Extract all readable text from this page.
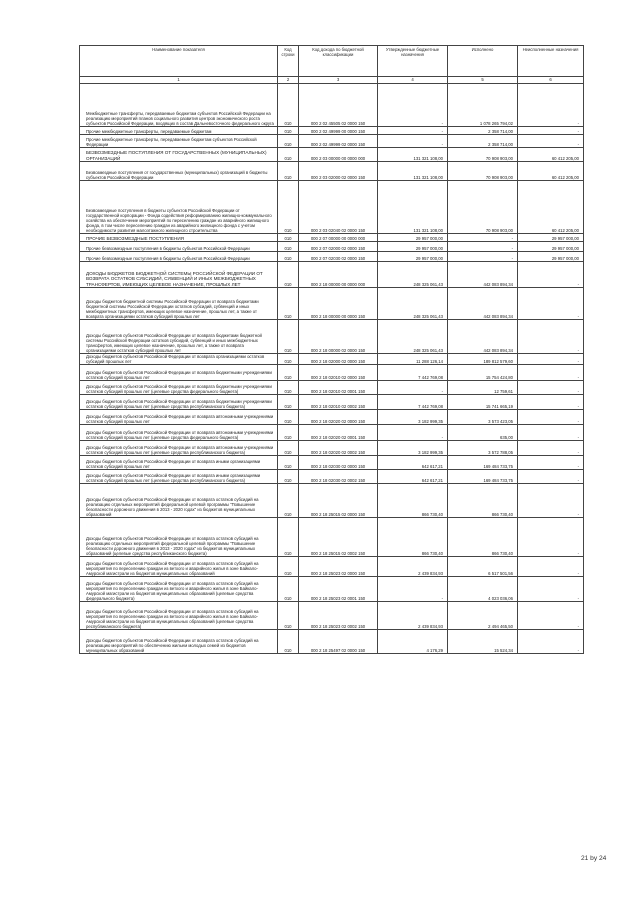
Наименование показателя	Код строки	Код дохода по бюджетной классификации	Утвержденные бюджетные назначения	Исполнено	Неисполненные назначения
1	2	3	4	5	6
Межбюджетные трансферты, передаваемые бюджетам субъектов Российской Федерации на реализацию мероприятий планов социального развития центров экономического роста субъектов Российской Федерации, входящих в состав Дальневосточного федерального округа	010	000 2 02 45505 02 0000 150	-	1 078 265 794,02	-
Прочие межбюджетные трансферты, передаваемые бюджетам	010	000 2 02 49999 00 0000 150	-	2 358 714,00	-
Прочие межбюджетные трансферты, передаваемые бюджетам субъектов Российской Федерации	010	000 2 02 49999 02 0000 150	-	2 358 714,00	-
БЕЗВОЗМЕЗДНЫЕ ПОСТУПЛЕНИЯ ОТ ГОСУДАРСТВЕННЫХ (МУНИЦИПАЛЬНЫХ) ОРГАНИЗАЦИЙ	010	000 2 03 00000 00 0000 000	131 321 108,00	70 908 903,00	60 412 205,00
Безвозмездные поступления от государственных (муниципальных) организаций в бюджеты субъектов Российской Федерации	010	000 2 03 02000 02 0000 150	131 321 108,00	70 908 903,00	60 412 205,00
Безвозмездные поступления в бюджеты субъектов Российской Федерации от государственной корпорации - Фонда содействия реформированию жилищно-коммунального хозяйства на обеспечение мероприятий по переселению граждан из аварийного жилищного фонда, в том числе переселению граждан из аварийного жилищного фонда с учетом необходимости развития малоэтажного жилищного строительства	010	000 2 03 02040 02 0000 150	131 321 108,00	70 908 903,00	60 412 205,00
ПРОЧИЕ БЕЗВОЗМЕЗДНЫЕ ПОСТУПЛЕНИЯ	010	000 2 07 00000 00 0000 000	29 957 000,00	-	29 957 000,00
Прочие безвозмездные поступления в бюджеты субъектов Российской Федерации	010	000 2 07 02000 02 0000 150	29 957 000,00	-	29 957 000,00
Прочие безвозмездные поступления в бюджеты субъектов Российской Федерации	010	000 2 07 02030 02 0000 150	29 957 000,00	-	29 957 000,00
ДОХОДЫ БЮДЖЕТОВ БЮДЖЕТНОЙ СИСТЕМЫ РОССИЙСКОЙ ФЕДЕРАЦИИ ОТ ВОЗВРАТА ОСТАТКОВ СУБСИДИЙ, СУБВЕНЦИЙ И ИНЫХ МЕЖБЮДЖЕТНЫХ ТРАНСФЕРТОВ, ИМЕЮЩИХ ЦЕЛЕВОЕ НАЗНАЧЕНИЕ, ПРОШЛЫХ ЛЕТ	010	000 2 18 00000 00 0000 000	248 325 061,43	442 083 894,34	-
Доходы бюджетов бюджетной системы Российской Федерации от возврата бюджетами бюджетной системы Российской Федерации остатков субсидий, субвенций и иных межбюджетных трансфертов, имеющих целевое назначение, прошлых лет, а также от возврата организациями остатков субсидий прошлых лет	010	000 2 18 00000 00 0000 150	248 325 061,43	442 083 894,34	-
Доходы бюджетов субъектов Российской Федерации от возврата бюджетами бюджетной системы Российской Федерации остатков субсидий, субвенций и иных межбюджетных трансфертов, имеющих целевое назначение, прошлых лет, а также от возврата организациями остатков субсидий прошлых лет	010	000 2 18 00000 02 0000 150	248 325 061,43	442 083 894,34	-
Доходы бюджетов субъектов Российской Федерации от возврата организациями остатков субсидий прошлых лет	010	000 2 18 02000 02 0000 150	11 288 126,14	189 812 579,60	-
Доходы бюджетов субъектов Российской Федерации от возврата бюджетными учреждениями остатков субсидий прошлых лет	010	000 2 18 02010 02 0000 150	7 442 769,08	15 754 424,80	-
Доходы бюджетов субъектов Российской Федерации от возврата бюджетными учреждениями остатков субсидий прошлых лет (целевые средства федерального бюджета)	010	000 2 18 02010 02 0001 150	-	12 759,61	-
Доходы бюджетов субъектов Российской Федерации от возврата бюджетными учреждениями остатков субсидий прошлых лет (целевые средства республиканского бюджета)	010	000 2 18 02010 02 0002 150	7 442 769,08	15 741 665,19	-
Доходы бюджетов субъектов Российской Федерации от возврата автономными учреждениями остатков субсидий прошлых лет	010	000 2 18 02020 02 0000 150	3 182 999,35	3 573 423,05	-
Доходы бюджетов субъектов Российской Федерации от возврата автономными учреждениями остатков субсидий прошлых лет (целевые средства федерального бюджета)	010	000 2 18 02020 02 0001 150	-	635,00	-
Доходы бюджетов субъектов Российской Федерации от возврата автономными учреждениями остатков субсидий прошлых лет (целевые средства республиканского бюджета)	010	000 2 18 02020 02 0002 150	3 182 999,35	3 572 788,05	-
Доходы бюджетов субъектов Российской Федерации от возврата иными организациями остатков субсидий прошлых лет	010	000 2 18 02030 02 0000 150	642 617,21	169 484 733,75	-
Доходы бюджетов субъектов Российской Федерации от возврата иными организациями остатков субсидий прошлых лет (целевые средства республиканского бюджета)	010	000 2 18 02030 02 0002 150	642 617,21	169 484 733,75	-
Доходы бюджетов субъектов Российской Федерации от возврата остатков субсидий на реализацию отдельных мероприятий федеральной целевой программы "Повышение безопасности дорожного движения в 2013 - 2020 годах" из бюджетов муниципальных образований	010	000 2 18 25015 02 0000 150	866 730,40	866 730,40	-
Доходы бюджетов субъектов Российской Федерации от возврата остатков субсидий на реализацию отдельных мероприятий федеральной целевой программы "Повышение безопасности дорожного движения в 2013 - 2020 годах" из бюджетов муниципальных образований (целевые средства республиканского бюджета)	010	000 2 18 25015 02 0002 150	866 730,40	866 730,40	-
Доходы бюджетов субъектов Российской Федерации от возврата остатков субсидий на мероприятия по переселению граждан из ветхого и аварийного жилья в зоне Байкало-Амурской магистрали из бюджетов муниципальных образований	010	000 2 18 25023 02 0000 150	2 439 834,93	6 517 501,56	-
Доходы бюджетов субъектов Российской Федерации от возврата остатков субсидий на мероприятия по переселению граждан из ветхого и аварийного жилья в зоне Байкало-Амурской магистрали из бюджетов муниципальных образований (целевые средства федерального бюджета)	010	000 2 18 25023 02 0001 150	-	4 023 036,06	-
Доходы бюджетов субъектов Российской Федерации от возврата остатков субсидий на мероприятия по переселению граждан из ветхого и аварийного жилья в зоне Байкало-Амурской магистрали из бюджетов муниципальных образований (целевые средства республиканского бюджета)	010	000 2 18 25023 02 0002 150	2 439 834,93	2 494 465,50	-
Доходы бюджетов субъектов Российской Федерации от возврата остатков субсидий на реализацию мероприятий по обеспечению жильем молодых семей из бюджетов муниципальных образований	010	000 2 18 25497 02 0000 150	4 176,29	15 524,34	-
21 by 24
